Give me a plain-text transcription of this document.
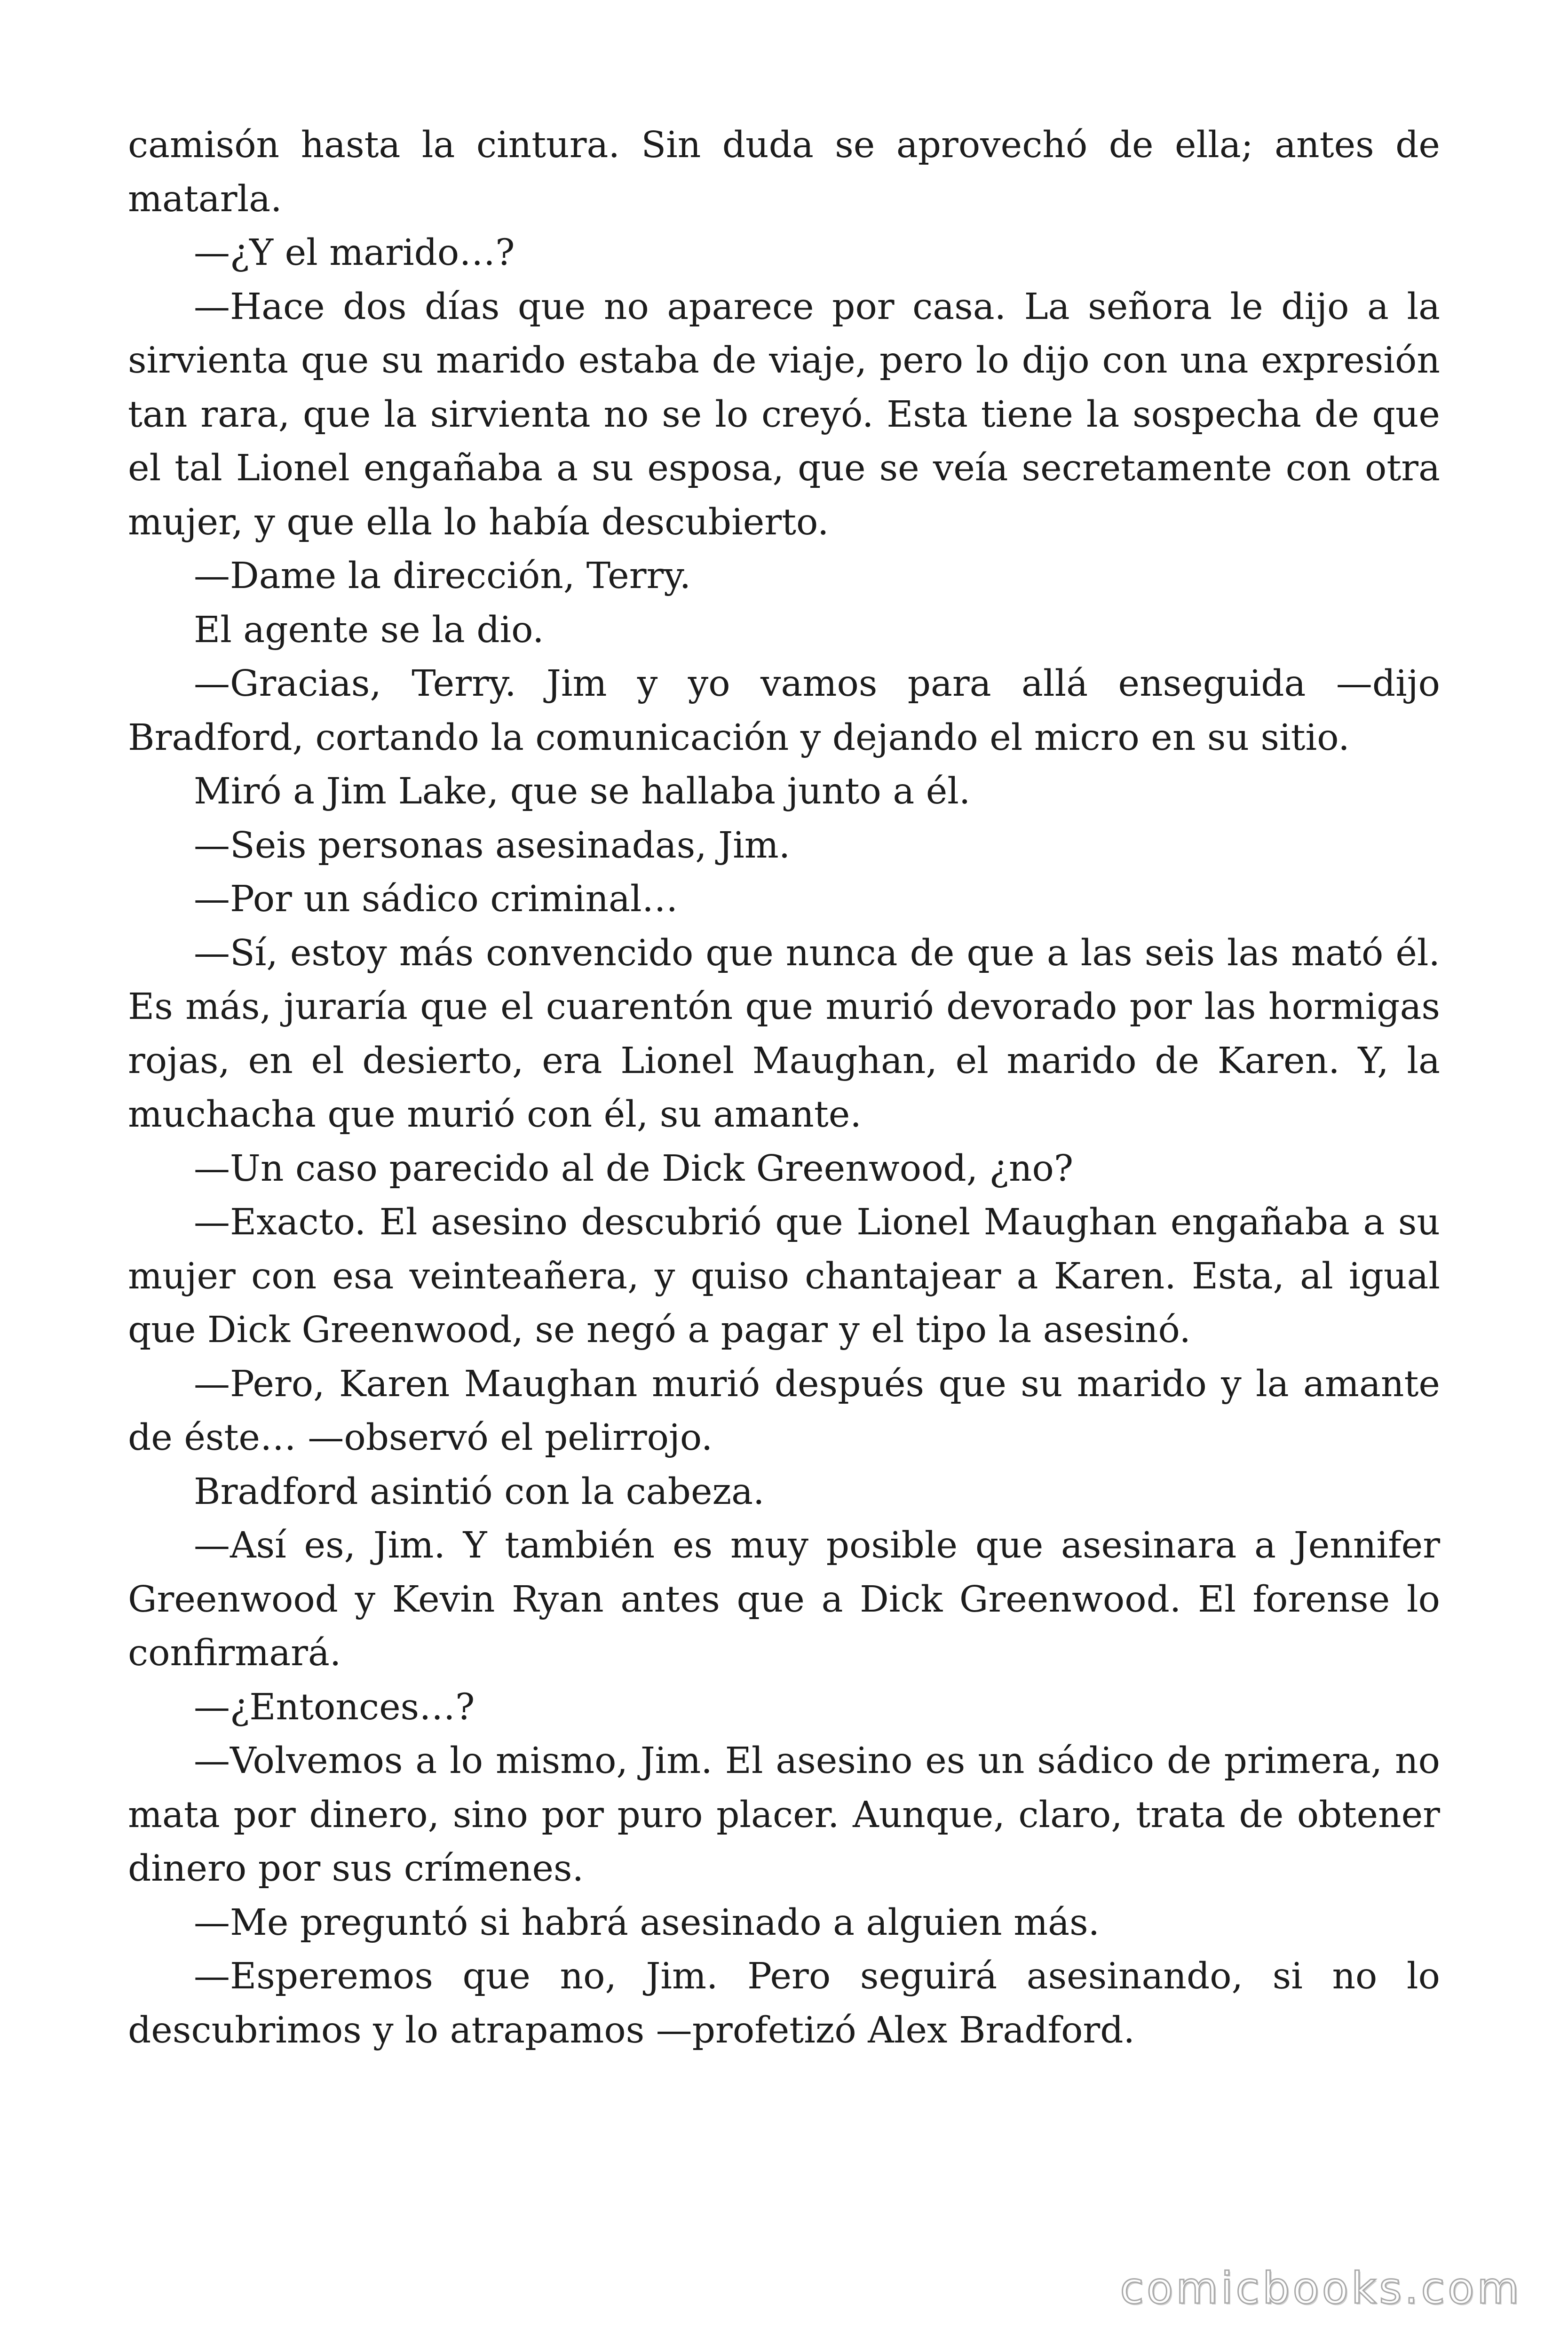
camisón hasta la cintura. Sin duda se aprovechó de ella; antes de matarla.

—¿Y el marido…?

—Hace dos días que no aparece por casa. La señora le dijo a la sirvienta que su marido estaba de viaje, pero lo dijo con una expresión tan rara, que la sirvienta no se lo creyó. Esta tiene la sospecha de que el tal Lionel engañaba a su esposa, que se veía secretamente con otra mujer, y que ella lo había descubierto.

—Dame la dirección, Terry.

El agente se la dio.

—Gracias, Terry. Jim y yo vamos para allá enseguida —dijo Bradford, cortando la comunicación y dejando el micro en su sitio.

Miró a Jim Lake, que se hallaba junto a él.

—Seis personas asesinadas, Jim.

—Por un sádico criminal…

—Sí, estoy más convencido que nunca de que a las seis las mató él. Es más, juraría que el cuarentón que murió devorado por las hormigas rojas, en el desierto, era Lionel Maughan, el marido de Karen. Y, la muchacha que murió con él, su amante.

—Un caso parecido al de Dick Greenwood, ¿no?

—Exacto. El asesino descubrió que Lionel Maughan engañaba a su mujer con esa veinteañera, y quiso chantajear a Karen. Esta, al igual que Dick Greenwood, se negó a pagar y el tipo la asesinó.

—Pero, Karen Maughan murió después que su marido y la amante de éste… —observó el pelirrojo.

Bradford asintió con la cabeza.

—Así es, Jim. Y también es muy posible que asesinara a Jennifer Greenwood y Kevin Ryan antes que a Dick Greenwood. El forense lo confirmará.

—¿Entonces…?

—Volvemos a lo mismo, Jim. El asesino es un sádico de primera, no mata por dinero, sino por puro placer. Aunque, claro, trata de obtener dinero por sus crímenes.

—Me preguntó si habrá asesinado a alguien más.

—Esperemos que no, Jim. Pero seguirá asesinando, si no lo descubrimos y lo atrapamos —profetizó Alex Bradford.

comicbooks.com
